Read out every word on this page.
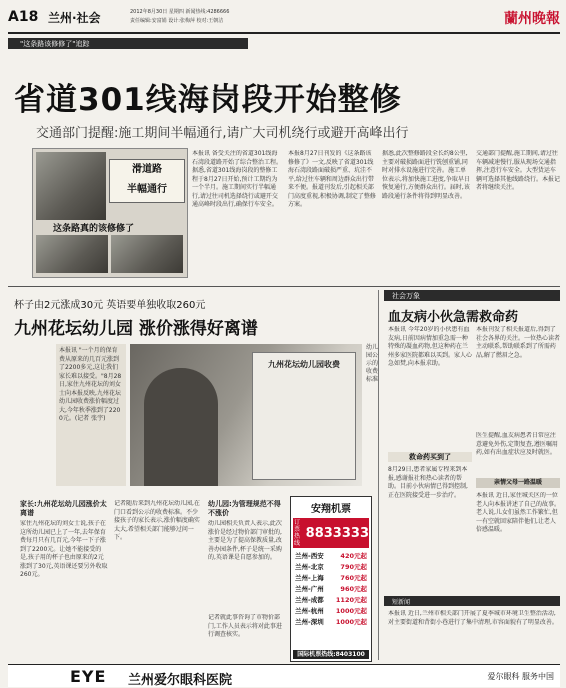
A18 兰州·社会	2012年8月30日 星期四 新闻热线:4286666
责任编辑:安富娟 设计:张梅萍 校对:王朝洁	蘭州晚報
"这条路该修修了"追踪
省道301线海岗段开始整修
交通部门提醒:施工期间半幅通行,请广大司机绕行或避开高峰出行
滑道路
半幅通行
这条路真的该修修了
本报讯 备受关注的省道301线海石湾段道路开始了综合整治工程。据悉,省道301线海岗段的整修工程于8月27日开始,预计工期约为一个半月。施工期间实行半幅通行,请过往司机选择绕行或避开交通高峰时段出行,确保行车安全。
本报8月27日刊发的《这条路该修修了》一文,反映了省道301线海石湾段路面破损严重、坑洼不平,给过往车辆和周边群众出行带来不便。报道刊发后,引起相关部门高度重视,积极协调,制定了整修方案。
据悉,此次整修路段全长约8公里,主要对破损路面进行铣刨重铺,同时对排水设施进行完善。施工单位表示,将加快施工进度,争取早日恢复通行,方便群众出行。届时,该路段通行条件将得到明显改善。
交通部门提醒,施工期间,请过往车辆减速慢行,服从现场交通指挥,注意行车安全。大型货运车辆可选择其他线路绕行。本报记者将继续关注。
杯子由2元涨成30元 英语要单独收取260元
九州花坛幼儿园 涨价涨得好离谱
本报讯 "一个月的保育费从原来的几百元涨到了2200多元,这让我们家长难以接受。"8月28日,家住九州花坛的刘女士向本报反映,九州花坛幼儿园收费涨价幅度过大,今年秋季涨到了2200元。(记者 张宇)
九州花坛幼儿园收费
幼儿园公示的收费标准
家长:九州花坛幼儿园涨价太离谱
家住九州花坛的刘女士说,孩子在这所幼儿园已上了一年,去年保育费每月只有几百元,今年一下子涨到了2200元。让她不能接受的是,孩子用的杯子也由原来的2元涨到了30元,英语课还要另外收取260元。
记者随后来到九州花坛幼儿园,在门口看到公示的收费标准。不少接孩子的家长表示,涨价幅度确实太大,希望相关部门能够过问一下。
幼儿园:为管理规范不得不涨价
幼儿园相关负责人表示,此次涨价是经过物价部门审批的,主要是为了提高保教质量,改善办园条件,杯子是统一采购的,英语课是自愿参加的。
记者就此事咨询了市物价部门,工作人员表示将对此事进行调查核实。
安翔机票
订票热线
8833333
兰州-西安	420元起
兰州-北京	790元起
兰州-上海	760元起
兰州-广州	960元起
兰州-成都 1120元起
兰州-杭州 1000元起
兰州-深圳 1000元起
国际机票热线:8403100
社会万象
血友病小伙急需救命药
本报讯 今年20岁的小伙患有血友病,日前因病情加重急需一种特殊的凝血药物,但这种药在兰州多家医院都难以买到。家人心急如焚,向本报求助。
本报刊发了相关报道后,得到了社会各界的关注。一位热心读者主动联系,帮助联系到了所需药品,解了燃眉之急。
救命药买到了
8月29日,患者家属专程来到本报,感谢报社和热心读者的帮助。目前小伙病情已得到控制,正在医院接受进一步治疗。
医生提醒,血友病患者日常应注意避免外伤,定期复查,遵医嘱用药,如有出血症状应及时就医。
亲情父母一路温暖
本报讯 近日,家住城关区的一位老人向本报讲述了自己的故事。老人说,儿女们虽然工作繁忙,但一有空就回家陪伴他们,让老人倍感温暖。
短新闻
本报讯 近日,兰州市相关部门开展了夏季城市环境卫生整治活动,对主要街道和背街小巷进行了集中清理,市容面貌有了明显改善。
EYE 兰州爱尔眼科医院	爱尔眼科 服务中国
